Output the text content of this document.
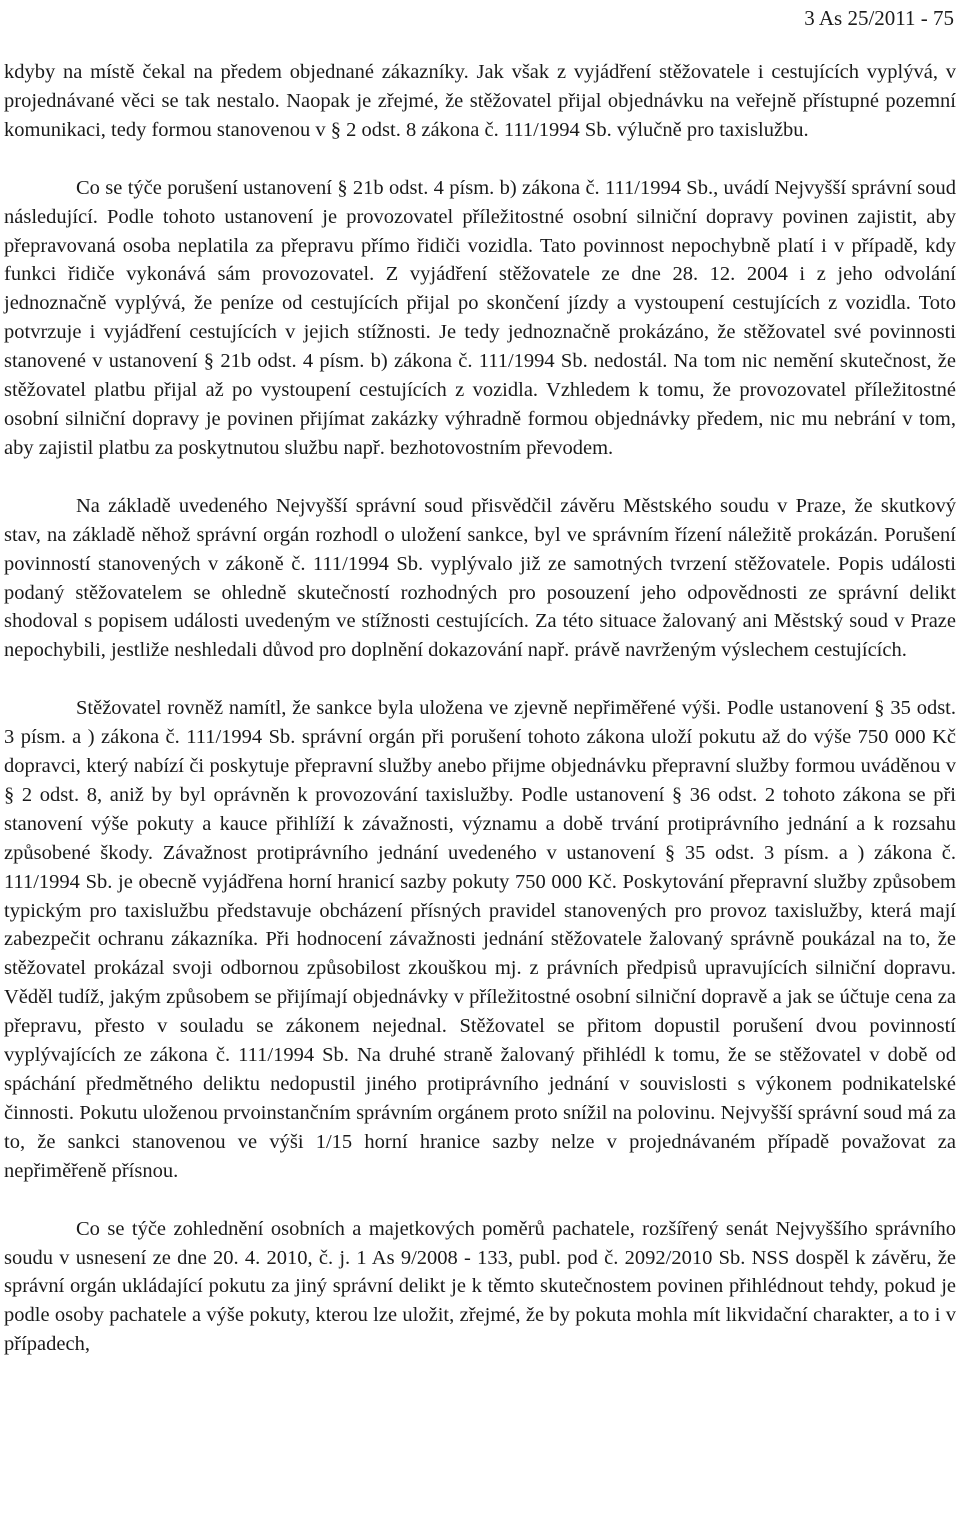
3 As 25/2011 - 75

kdyby na místě čekal na předem objednané zákazníky. Jak však z vyjádření stěžovatele i cestujících vyplývá, v projednávané věci se tak nestalo. Naopak je zřejmé, že stěžovatel přijal objednávku na veřejně přístupné pozemní komunikaci, tedy formou stanovenou v § 2 odst. 8 zákona č. 111/1994 Sb. výlučně pro taxislužbu.

Co se týče porušení ustanovení § 21b odst. 4 písm. b) zákona č. 111/1994 Sb., uvádí Nejvyšší správní soud následující. Podle tohoto ustanovení je provozovatel příležitostné osobní silniční dopravy povinen zajistit, aby přepravovaná osoba neplatila za přepravu přímo řidiči vozidla. Tato povinnost nepochybně platí i v případě, kdy funkci řidiče vykonává sám provozovatel. Z vyjádření stěžovatele ze dne 28. 12. 2004 i z jeho odvolání jednoznačně vyplývá, že peníze od cestujících přijal po skončení jízdy a vystoupení cestujících z vozidla. Toto potvrzuje i vyjádření cestujících v jejich stížnosti. Je tedy jednoznačně prokázáno, že stěžovatel své povinnosti stanovené v ustanovení § 21b odst. 4 písm. b) zákona č. 111/1994 Sb. nedostál. Na tom nic nemění skutečnost, že stěžovatel platbu přijal až po vystoupení cestujících z vozidla. Vzhledem k tomu, že provozovatel příležitostné osobní silniční dopravy je povinen přijímat zakázky výhradně formou objednávky předem, nic mu nebrání v tom, aby zajistil platbu za poskytnutou službu např. bezhotovostním převodem.

Na základě uvedeného Nejvyšší správní soud přisvědčil závěru Městského soudu v Praze, že skutkový stav, na základě něhož správní orgán rozhodl o uložení sankce, byl ve správním řízení náležitě prokázán. Porušení povinností stanovených v zákoně č. 111/1994 Sb. vyplývalo již ze samotných tvrzení stěžovatele. Popis události podaný stěžovatelem se ohledně skutečností rozhodných pro posouzení jeho odpovědnosti ze správní delikt shodoval s popisem události uvedeným ve stížnosti cestujících. Za této situace žalovaný ani Městský soud v Praze nepochybili, jestliže neshledali důvod pro doplnění dokazování např. právě navrženým výslechem cestujících.

Stěžovatel rovněž namítl, že sankce byla uložena ve zjevně nepřiměřené výši. Podle ustanovení § 35 odst. 3 písm. a ) zákona č. 111/1994 Sb. správní orgán při porušení tohoto zákona uloží pokutu až do výše 750 000 Kč dopravci, který nabízí či poskytuje přepravní služby anebo přijme objednávku přepravní služby formou uváděnou v § 2 odst. 8, aniž by byl oprávněn k provozování taxislužby. Podle ustanovení § 36 odst. 2 tohoto zákona se při stanovení výše pokuty a kauce přihlíží k závažnosti, významu a době trvání protiprávního jednání a k rozsahu způsobené škody. Závažnost protiprávního jednání uvedeného v ustanovení § 35 odst. 3 písm. a ) zákona č. 111/1994 Sb. je obecně vyjádřena horní hranicí sazby pokuty 750 000 Kč. Poskytování přepravní služby způsobem typickým pro taxislužbu představuje obcházení přísných pravidel stanovených pro provoz taxislužby, která mají zabezpečit ochranu zákazníka. Při hodnocení závažnosti jednání stěžovatele žalovaný správně poukázal na to, že stěžovatel prokázal svoji odbornou způsobilost zkouškou mj. z právních předpisů upravujících silniční dopravu. Věděl tudíž, jakým způsobem se přijímají objednávky v příležitostné osobní silniční dopravě a jak se účtuje cena za přepravu, přesto v souladu se zákonem nejednal. Stěžovatel se přitom dopustil porušení dvou povinností vyplývajících ze zákona č. 111/1994 Sb. Na druhé straně žalovaný přihlédl k tomu, že se stěžovatel v době od spáchání předmětného deliktu nedopustil jiného protiprávního jednání v souvislosti s výkonem podnikatelské činnosti. Pokutu uloženou prvoinstančním správním orgánem proto snížil na polovinu. Nejvyšší správní soud má za to, že sankci stanovenou ve výši 1/15 horní hranice sazby nelze v projednávaném případě považovat za nepřiměřeně přísnou.

Co se týče zohlednění osobních a majetkových poměrů pachatele, rozšířený senát Nejvyššího správního soudu v usnesení ze dne 20. 4. 2010, č. j. 1 As 9/2008 - 133, publ. pod č. 2092/2010 Sb. NSS dospěl k závěru, že správní orgán ukládající pokutu za jiný správní delikt je k těmto skutečnostem povinen přihlédnout tehdy, pokud je podle osoby pachatele a výše pokuty, kterou lze uložit, zřejmé, že by pokuta mohla mít likvidační charakter, a to i v případech,
